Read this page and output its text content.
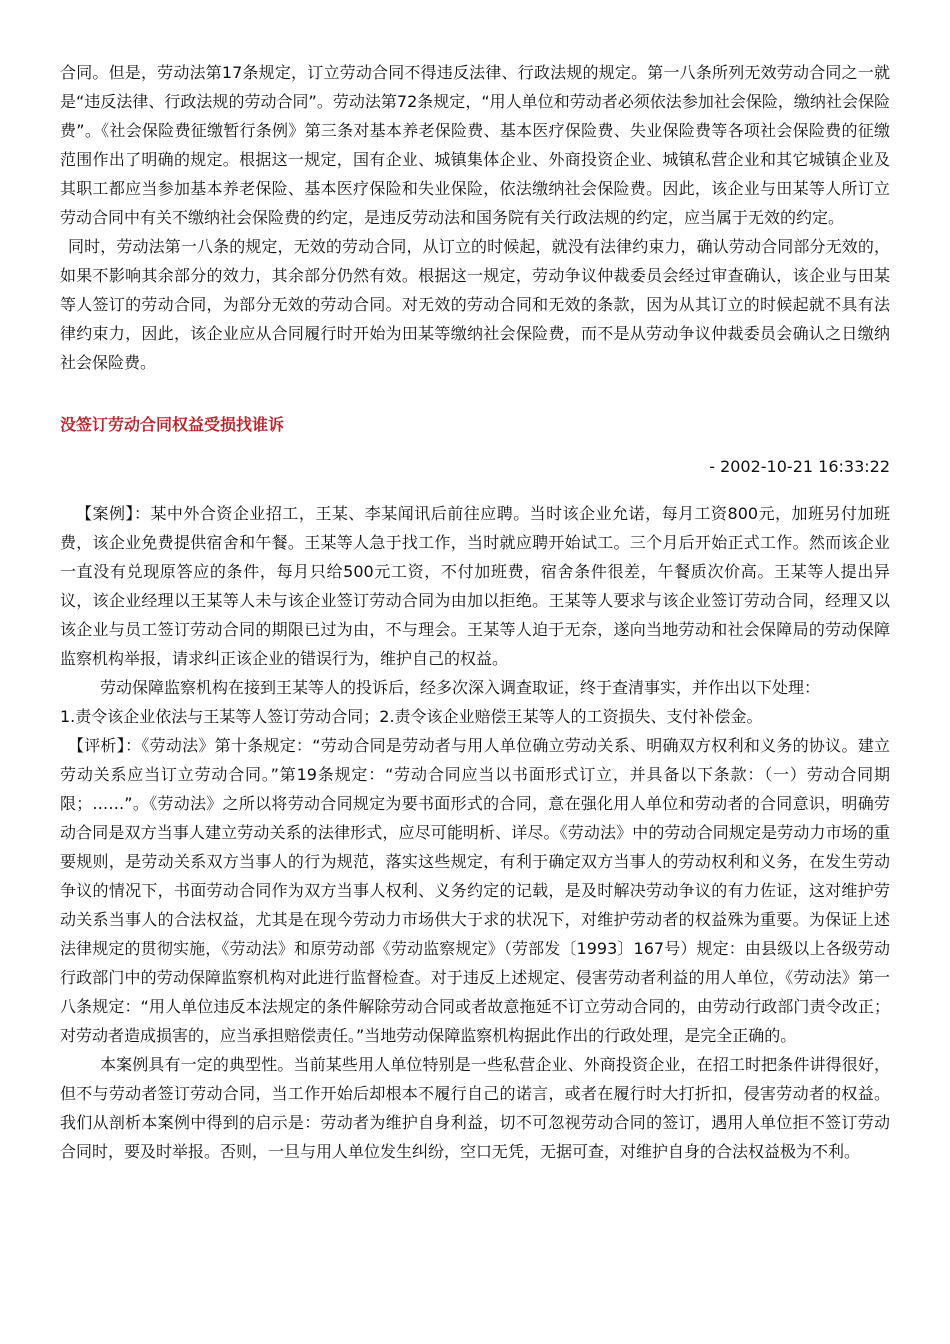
合同。但是，劳动法第17条规定，订立劳动合同不得违反法律、行政法规的规定。第一八条所列无效劳动合同之一就是“违反法律、行政法规的劳动合同”。劳动法第72条规定，“用人单位和劳动者必须依法参加社会保险，缴纳社会保险费”。《社会保险费征缴暂行条例》第三条对基本养老保险费、基本医疗保险费、失业保险费等各项社会保险费的征缴范围作出了明确的规定。根据这一规定，国有企业、城镇集体企业、外商投资企业、城镇私营企业和其它城镇企业及其职工都应当参加基本养老保险、基本医疗保险和失业保险，依法缴纳社会保险费。因此，该企业与田某等人所订立劳动合同中有关不缴纳社会保险费的约定，是违反劳动法和国务院有关行政法规的约定，应当属于无效的约定。

同时，劳动法第一八条的规定，无效的劳动合同，从订立的时候起，就没有法律约束力，确认劳动合同部分无效的，如果不影响其余部分的效力，其余部分仍然有效。根据这一规定，劳动争议仲裁委员会经过审查确认，该企业与田某等人签订的劳动合同，为部分无效的劳动合同。对无效的劳动合同和无效的条款，因为从其订立的时候起就不具有法律约束力，因此，该企业应从合同履行时开始为田某等缴纳社会保险费，而不是从劳动争议仲裁委员会确认之日缴纳社会保险费。

没签订劳动合同权益受损找谁诉
- 2002-10-21 16:33:22

【案例】：某中外合资企业招工，王某、李某闻讯后前往应聘。当时该企业允诺，每月工资800元，加班另付加班费，该企业免费提供宿舍和午餐。王某等人急于找工作，当时就应聘开始试工。三个月后开始正式工作。然而该企业一直没有兑现原答应的条件，每月只给500元工资，不付加班费，宿舍条件很差，午餐质次价高。王某等人提出异议，该企业经理以王某等人未与该企业签订劳动合同为由加以拒绝。王某等人要求与该企业签订劳动合同，经理又以该企业与员工签订劳动合同的期限已过为由，不与理会。王某等人迫于无奈，遂向当地劳动和社会保障局的劳动保障监察机构举报，请求纠正该企业的错误行为，维护自己的权益。

劳动保障监察机构在接到王某等人的投诉后，经多次深入调查取证，终于查清事实，并作出以下处理：

1.责令该企业依法与王某等人签订劳动合同；2.责令该企业赔偿王某等人的工资损失、支付补偿金。

【评析】：《劳动法》第十条规定：“劳动合同是劳动者与用人单位确立劳动关系、明确双方权利和义务的协议。建立劳动关系应当订立劳动合同。”第19条规定：“劳动合同应当以书面形式订立，并具备以下条款：（一）劳动合同期限；……”。《劳动法》之所以将劳动合同规定为要书面形式的合同，意在强化用人单位和劳动者的合同意识，明确劳动合同是双方当事人建立劳动关系的法律形式，应尽可能明析、详尽。《劳动法》中的劳动合同规定是劳动力市场的重要规则，是劳动关系双方当事人的行为规范，落实这些规定，有利于确定双方当事人的劳动权利和义务，在发生劳动争议的情况下，书面劳动合同作为双方当事人权利、义务约定的记载，是及时解决劳动争议的有力佐证，这对维护劳动关系当事人的合法权益，尤其是在现今劳动力市场供大于求的状况下，对维护劳动者的权益殊为重要。为保证上述法律规定的贯彻实施，《劳动法》和原劳动部《劳动监察规定》（劳部发〔1993〕167号）规定：由县级以上各级劳动行政部门中的劳动保障监察机构对此进行监督检查。对于违反上述规定、侵害劳动者利益的用人单位，《劳动法》第一八条规定：“用人单位违反本法规定的条件解除劳动合同或者故意拖延不订立劳动合同的，由劳动行政部门责令改正；对劳动者造成损害的，应当承担赔偿责任。”当地劳动保障监察机构据此作出的行政处理，是完全正确的。

本案例具有一定的典型性。当前某些用人单位特别是一些私营企业、外商投资企业，在招工时把条件讲得很好，但不与劳动者签订劳动合同，当工作开始后却根本不履行自己的诺言，或者在履行时大打折扣，侵害劳动者的权益。我们从剖析本案例中得到的启示是：劳动者为维护自身利益，切不可忽视劳动合同的签订，遇用人单位拒不签订劳动合同时，要及时举报。否则，一旦与用人单位发生纠纷，空口无凭，无据可查，对维护自身的合法权益极为不利。
